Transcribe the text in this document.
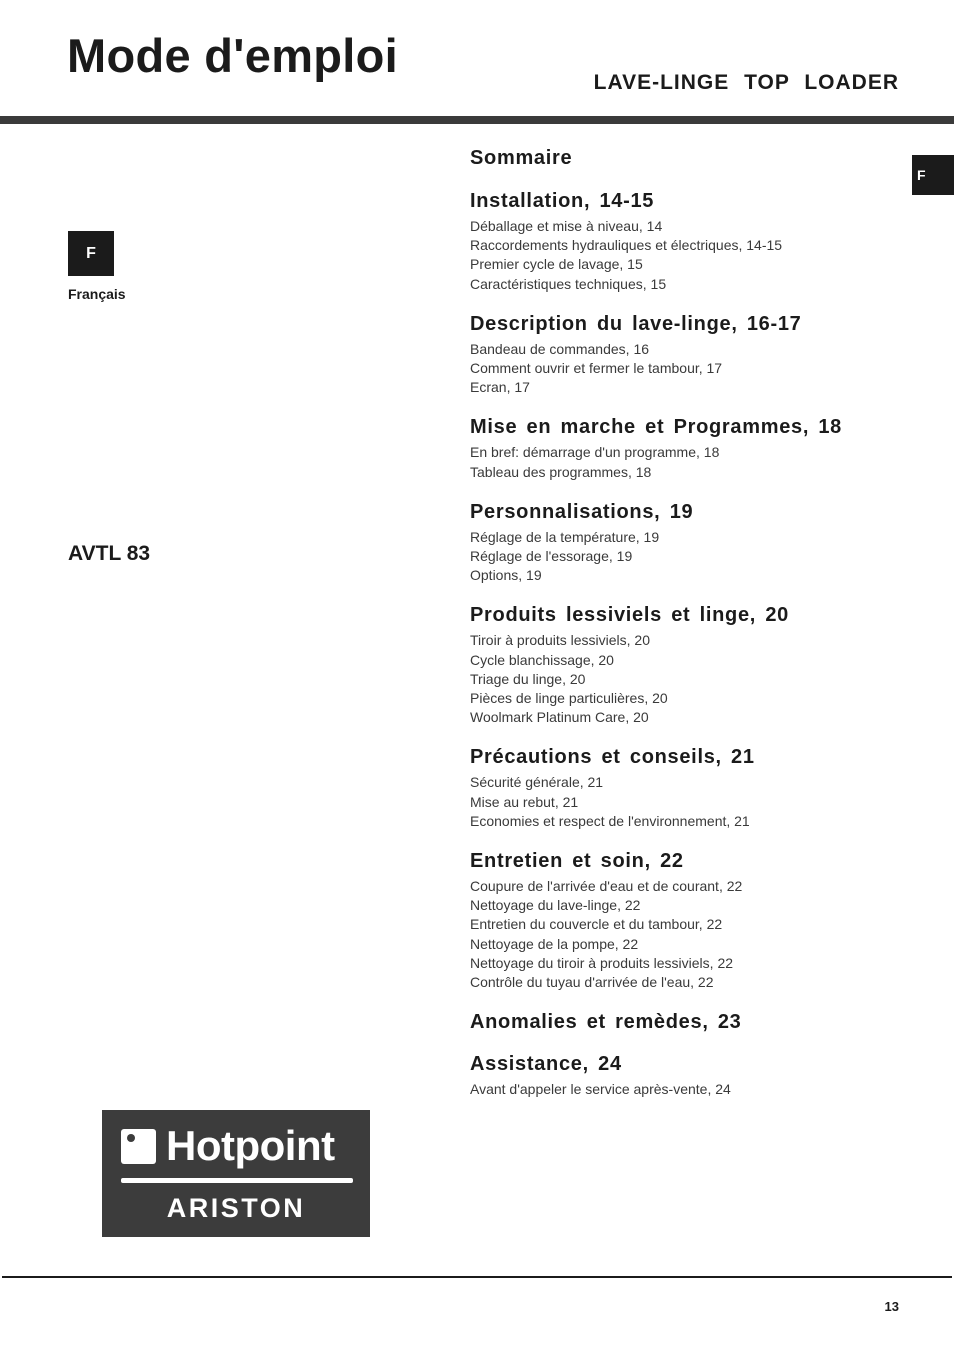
Mode d'emploi
LAVE-LINGE TOP LOADER
F
F
Français
AVTL 83
Sommaire
Installation, 14-15
Déballage et mise à niveau, 14
Raccordements hydrauliques et électriques, 14-15
Premier cycle de lavage, 15
Caractéristiques techniques, 15
Description du lave-linge, 16-17
Bandeau de commandes, 16
Comment ouvrir et fermer le tambour, 17
Ecran, 17
Mise en marche et Programmes, 18
En bref: démarrage d'un programme, 18
Tableau des programmes, 18
Personnalisations, 19
Réglage de la température, 19
Réglage de l'essorage, 19
Options, 19
Produits lessiviels et linge, 20
Tiroir à produits lessiviels, 20
Cycle blanchissage, 20
Triage du linge, 20
Pièces de linge particulières, 20
Woolmark Platinum Care, 20
Précautions et conseils, 21
Sécurité générale, 21
Mise au rebut, 21
Economies et respect de l'environnement, 21
Entretien et soin, 22
Coupure de l'arrivée d'eau et de courant, 22
Nettoyage du lave-linge, 22
Entretien du couvercle et du tambour, 22
Nettoyage de la pompe, 22
Nettoyage du tiroir à produits lessiviels, 22
Contrôle du tuyau d'arrivée de l'eau, 22
Anomalies et remèdes, 23
Assistance, 24
Avant d'appeler le service après-vente, 24
Hotpoint
ARISTON
13
